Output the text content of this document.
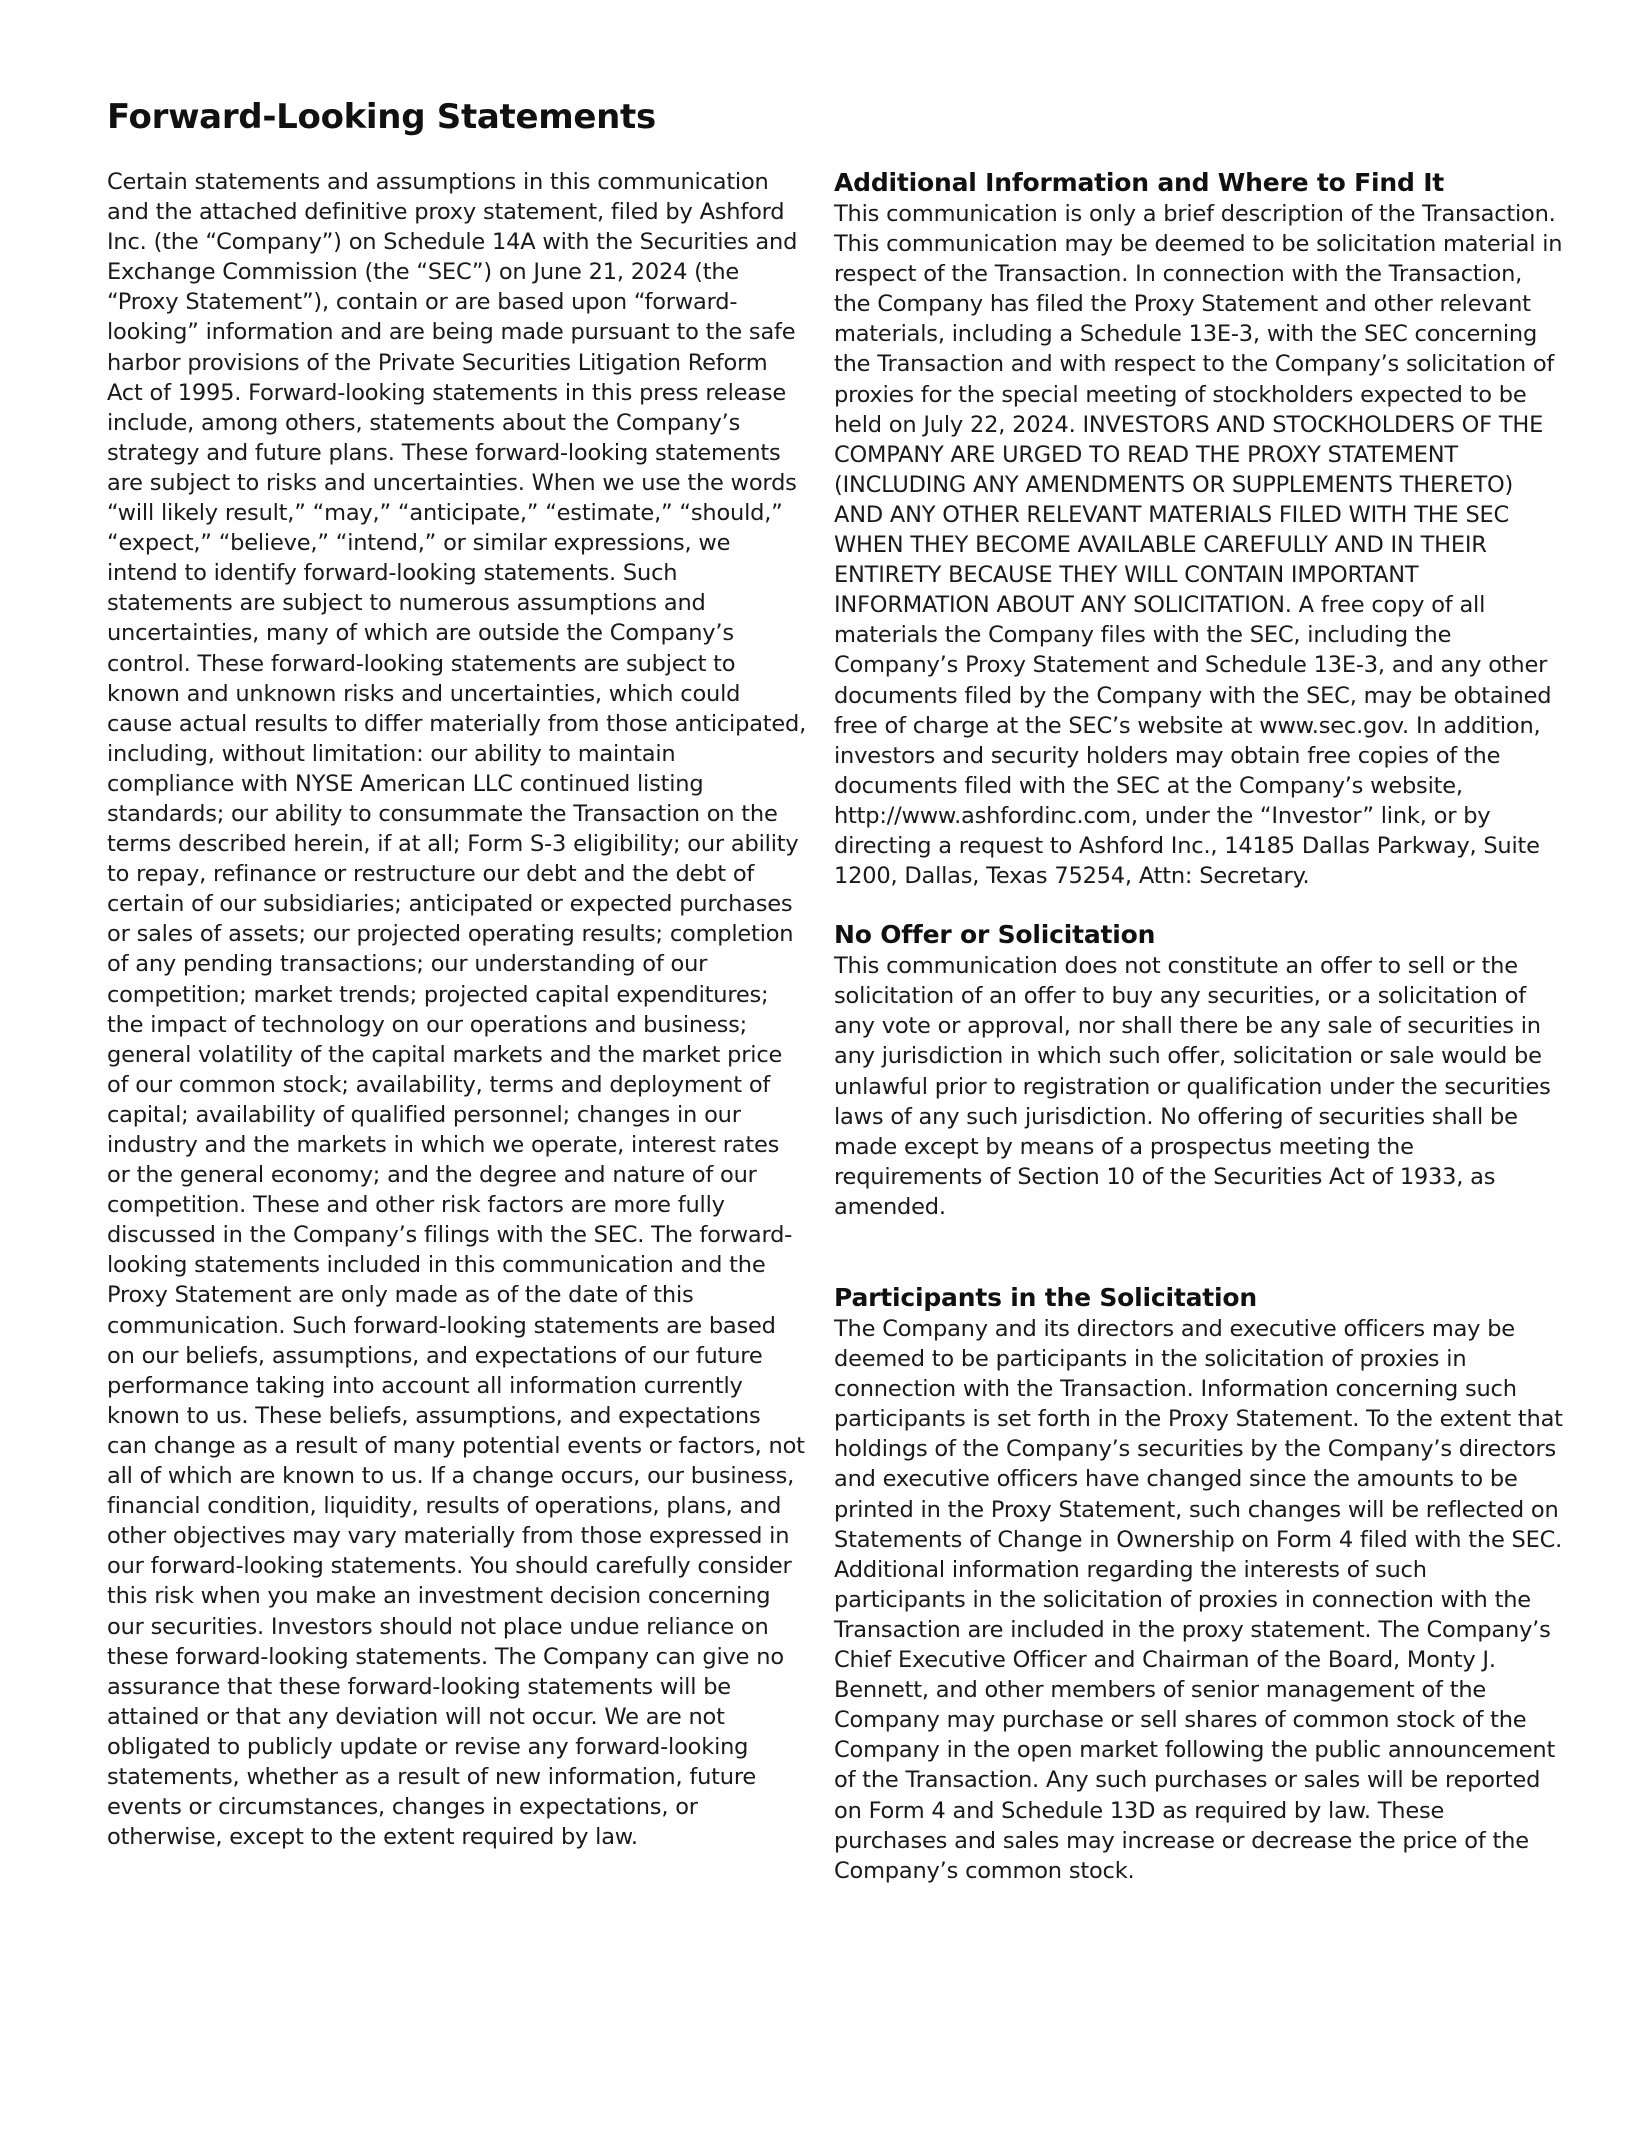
Forward-Looking Statements

Certain statements and assumptions in this communication and the attached definitive proxy statement, filed by Ashford Inc. (the “Company”) on Schedule 14A with the Securities and Exchange Commission (the “SEC”) on June 21, 2024 (the “Proxy Statement”), contain or are based upon “forward-looking” information and are being made pursuant to the safe harbor provisions of the Private Securities Litigation Reform Act of 1995. Forward-looking statements in this press release include, among others, statements about the Company’s strategy and future plans. These forward-looking statements are subject to risks and uncertainties. When we use the words “will likely result,” “may,” “anticipate,” “estimate,” “should,” “expect,” “believe,” “intend,” or similar expressions, we intend to identify forward-looking statements. Such statements are subject to numerous assumptions and uncertainties, many of which are outside the Company’s control. These forward-looking statements are subject to known and unknown risks and uncertainties, which could cause actual results to differ materially from those anticipated, including, without limitation: our ability to maintain compliance with NYSE American LLC continued listing standards; our ability to consummate the Transaction on the terms described herein, if at all; Form S-3 eligibility; our ability to repay, refinance or restructure our debt and the debt of certain of our subsidiaries; anticipated or expected purchases or sales of assets; our projected operating results; completion of any pending transactions; our understanding of our competition; market trends; projected capital expenditures; the impact of technology on our operations and business; general volatility of the capital markets and the market price of our common stock; availability, terms and deployment of capital; availability of qualified personnel; changes in our industry and the markets in which we operate, interest rates or the general economy; and the degree and nature of our competition. These and other risk factors are more fully discussed in the Company’s filings with the SEC. The forward-looking statements included in this communication and the Proxy Statement are only made as of the date of this communication. Such forward-looking statements are based on our beliefs, assumptions, and expectations of our future performance taking into account all information currently known to us. These beliefs, assumptions, and expectations can change as a result of many potential events or factors, not all of which are known to us. If a change occurs, our business, financial condition, liquidity, results of operations, plans, and other objectives may vary materially from those expressed in our forward-looking statements. You should carefully consider this risk when you make an investment decision concerning our securities. Investors should not place undue reliance on these forward-looking statements. The Company can give no assurance that these forward-looking statements will be attained or that any deviation will not occur. We are not obligated to publicly update or revise any forward-looking statements, whether as a result of new information, future events or circumstances, changes in expectations, or otherwise, except to the extent required by law.

Additional Information and Where to Find It

This communication is only a brief description of the Transaction. This communication may be deemed to be solicitation material in respect of the Transaction. In connection with the Transaction, the Company has filed the Proxy Statement and other relevant materials, including a Schedule 13E-3, with the SEC concerning the Transaction and with respect to the Company’s solicitation of proxies for the special meeting of stockholders expected to be held on July 22, 2024. INVESTORS AND STOCKHOLDERS OF THE COMPANY ARE URGED TO READ THE PROXY STATEMENT (INCLUDING ANY AMENDMENTS OR SUPPLEMENTS THERETO) AND ANY OTHER RELEVANT MATERIALS FILED WITH THE SEC WHEN THEY BECOME AVAILABLE CAREFULLY AND IN THEIR ENTIRETY BECAUSE THEY WILL CONTAIN IMPORTANT INFORMATION ABOUT ANY SOLICITATION. A free copy of all materials the Company files with the SEC, including the Company’s Proxy Statement and Schedule 13E-3, and any other documents filed by the Company with the SEC, may be obtained free of charge at the SEC’s website at www.sec.gov. In addition, investors and security holders may obtain free copies of the documents filed with the SEC at the Company’s website, http://www.ashfordinc.com, under the “Investor” link, or by directing a request to Ashford Inc., 14185 Dallas Parkway, Suite 1200, Dallas, Texas 75254, Attn: Secretary.

No Offer or Solicitation

This communication does not constitute an offer to sell or the solicitation of an offer to buy any securities, or a solicitation of any vote or approval, nor shall there be any sale of securities in any jurisdiction in which such offer, solicitation or sale would be unlawful prior to registration or qualification under the securities laws of any such jurisdiction. No offering of securities shall be made except by means of a prospectus meeting the requirements of Section 10 of the Securities Act of 1933, as amended.

Participants in the Solicitation

The Company and its directors and executive officers may be deemed to be participants in the solicitation of proxies in connection with the Transaction. Information concerning such participants is set forth in the Proxy Statement. To the extent that holdings of the Company’s securities by the Company’s directors and executive officers have changed since the amounts to be printed in the Proxy Statement, such changes will be reflected on Statements of Change in Ownership on Form 4 filed with the SEC. Additional information regarding the interests of such participants in the solicitation of proxies in connection with the Transaction are included in the proxy statement. The Company’s Chief Executive Officer and Chairman of the Board, Monty J. Bennett, and other members of senior management of the Company may purchase or sell shares of common stock of the Company in the open market following the public announcement of the Transaction. Any such purchases or sales will be reported on Form 4 and Schedule 13D as required by law. These purchases and sales may increase or decrease the price of the Company’s common stock.
